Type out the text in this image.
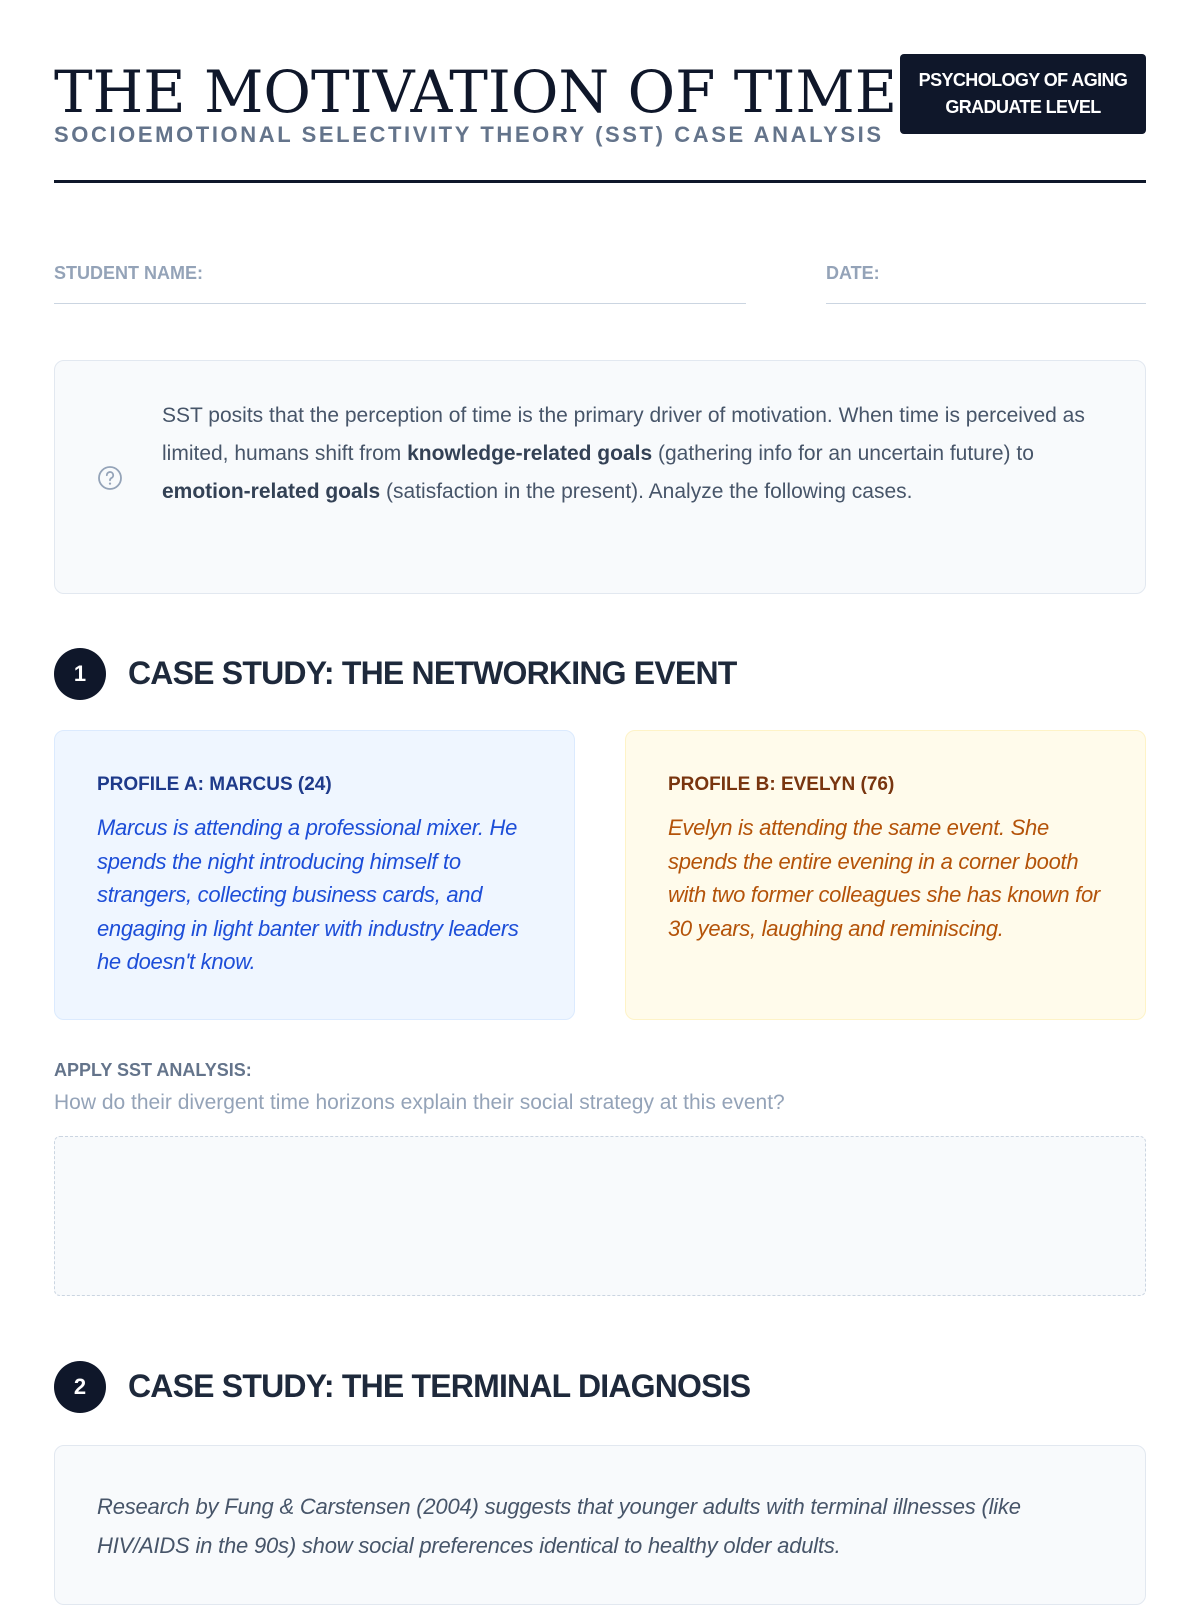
THE MOTIVATION OF TIME
SOCIOEMOTIONAL SELECTIVITY THEORY (SST) CASE ANALYSIS
PSYCHOLOGY OF AGING
GRADUATE LEVEL
STUDENT NAME:	DATE:
SST posits that the perception of time is the primary driver of motivation. When time is perceived as limited, humans shift from knowledge-related goals (gathering info for an uncertain future) to emotion-related goals (satisfaction in the present). Analyze the following cases.
1	CASE STUDY: THE NETWORKING EVENT
PROFILE A: MARCUS (24)
Marcus is attending a professional mixer. He spends the night introducing himself to strangers, collecting business cards, and engaging in light banter with industry leaders he doesn't know.
PROFILE B: EVELYN (76)
Evelyn is attending the same event. She spends the entire evening in a corner booth with two former colleagues she has known for 30 years, laughing and reminiscing.
APPLY SST ANALYSIS:
How do their divergent time horizons explain their social strategy at this event?
2	CASE STUDY: THE TERMINAL DIAGNOSIS
Research by Fung & Carstensen (2004) suggests that younger adults with terminal illnesses (like HIV/AIDS in the 90s) show social preferences identical to healthy older adults.
